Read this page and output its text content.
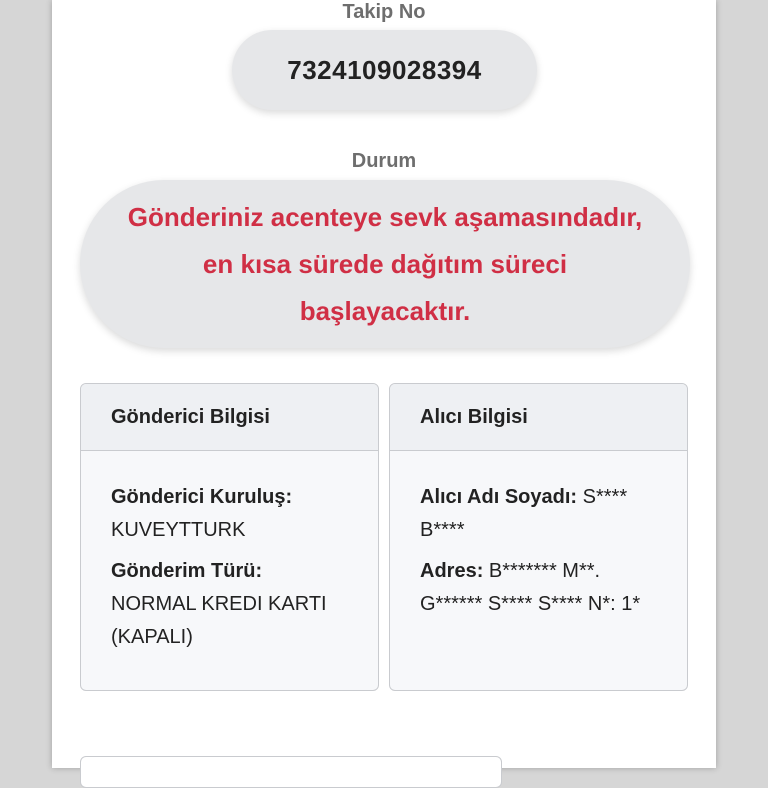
Takip No
7324109028394
Durum
Gönderiniz acenteye sevk aşamasındadır,
en kısa sürede dağıtım süreci
başlayacaktır.
Gönderici Bilgisi
Gönderici Kuruluş:
KUVEYTTURK
Gönderim Türü:
NORMAL KREDI KARTI (KAPALI)
Alıcı Bilgisi
Alıcı Adı Soyadı: S**** B****
Adres: B******* M**. G****** S**** S**** N*: 1*
